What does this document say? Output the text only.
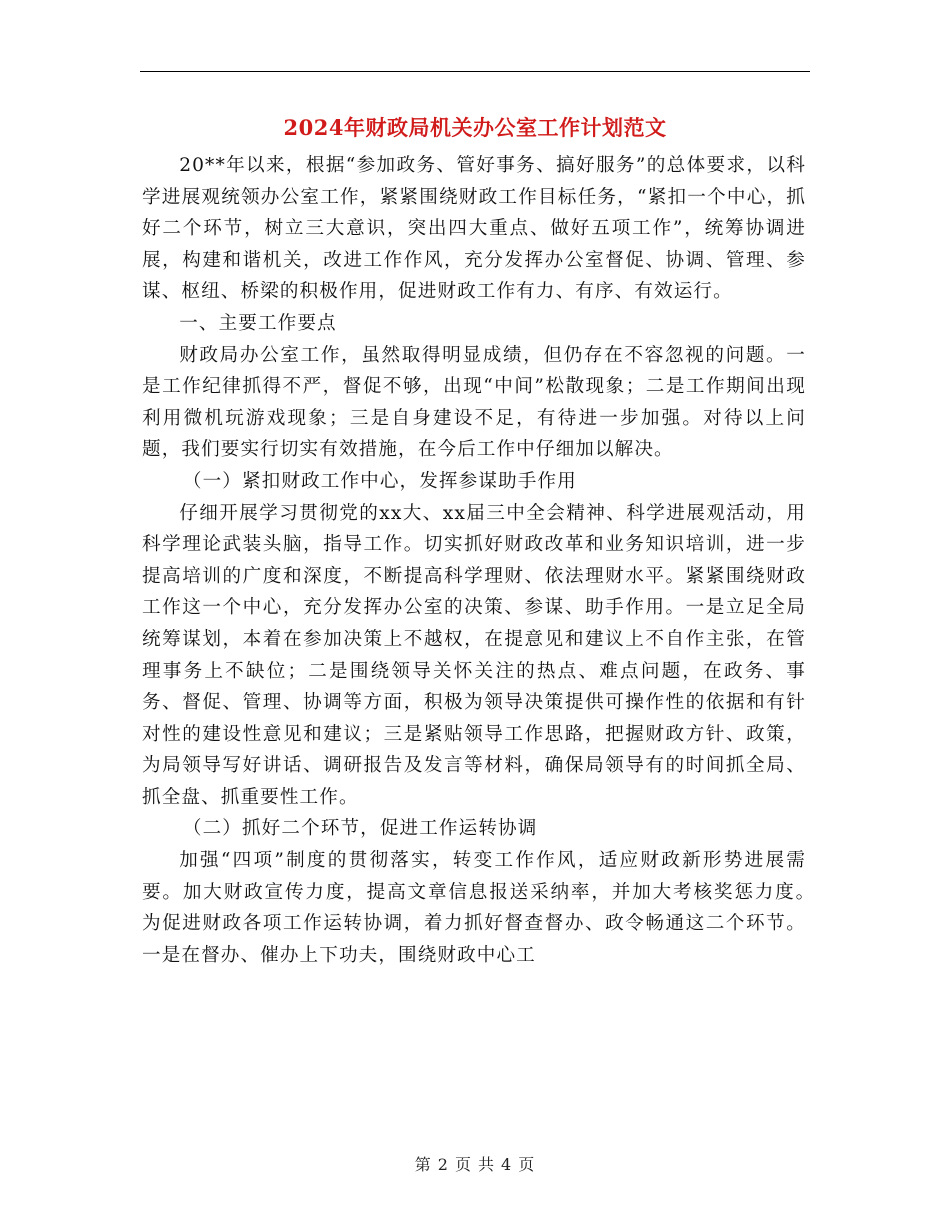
2024年财政局机关办公室工作计划范文

20**年以来，根据“参加政务、管好事务、搞好服务”的总体要求，以科学进展观统领办公室工作，紧紧围绕财政工作目标任务，“紧扣一个中心，抓好二个环节，树立三大意识，突出四大重点、做好五项工作”，统筹协调进展，构建和谐机关，改进工作作风，充分发挥办公室督促、协调、管理、参谋、枢纽、桥梁的积极作用，促进财政工作有力、有序、有效运行。

一、主要工作要点

财政局办公室工作，虽然取得明显成绩，但仍存在不容忽视的问题。一是工作纪律抓得不严，督促不够，出现“中间”松散现象；二是工作期间出现利用微机玩游戏现象；三是自身建设不足，有待进一步加强。对待以上问题，我们要实行切实有效措施，在今后工作中仔细加以解决。

（一）紧扣财政工作中心，发挥参谋助手作用

仔细开展学习贯彻党的xx大、xx届三中全会精神、科学进展观活动，用科学理论武装头脑，指导工作。切实抓好财政改革和业务知识培训，进一步提高培训的广度和深度，不断提高科学理财、依法理财水平。紧紧围绕财政工作这一个中心，充分发挥办公室的决策、参谋、助手作用。一是立足全局统筹谋划，本着在参加决策上不越权，在提意见和建议上不自作主张，在管理事务上不缺位；二是围绕领导关怀关注的热点、难点问题，在政务、事务、督促、管理、协调等方面，积极为领导决策提供可操作性的依据和有针对性的建设性意见和建议；三是紧贴领导工作思路，把握财政方针、政策，为局领导写好讲话、调研报告及发言等材料，确保局领导有的时间抓全局、抓全盘、抓重要性工作。

（二）抓好二个环节，促进工作运转协调

加强“四项”制度的贯彻落实，转变工作作风，适应财政新形势进展需要。加大财政宣传力度，提高文章信息报送采纳率，并加大考核奖惩力度。　为促进财政各项工作运转协调，着力抓好督查督办、政令畅通这二个环节。一是在督办、催办上下功夫，围绕财政中心工

第 2 页 共 4 页
